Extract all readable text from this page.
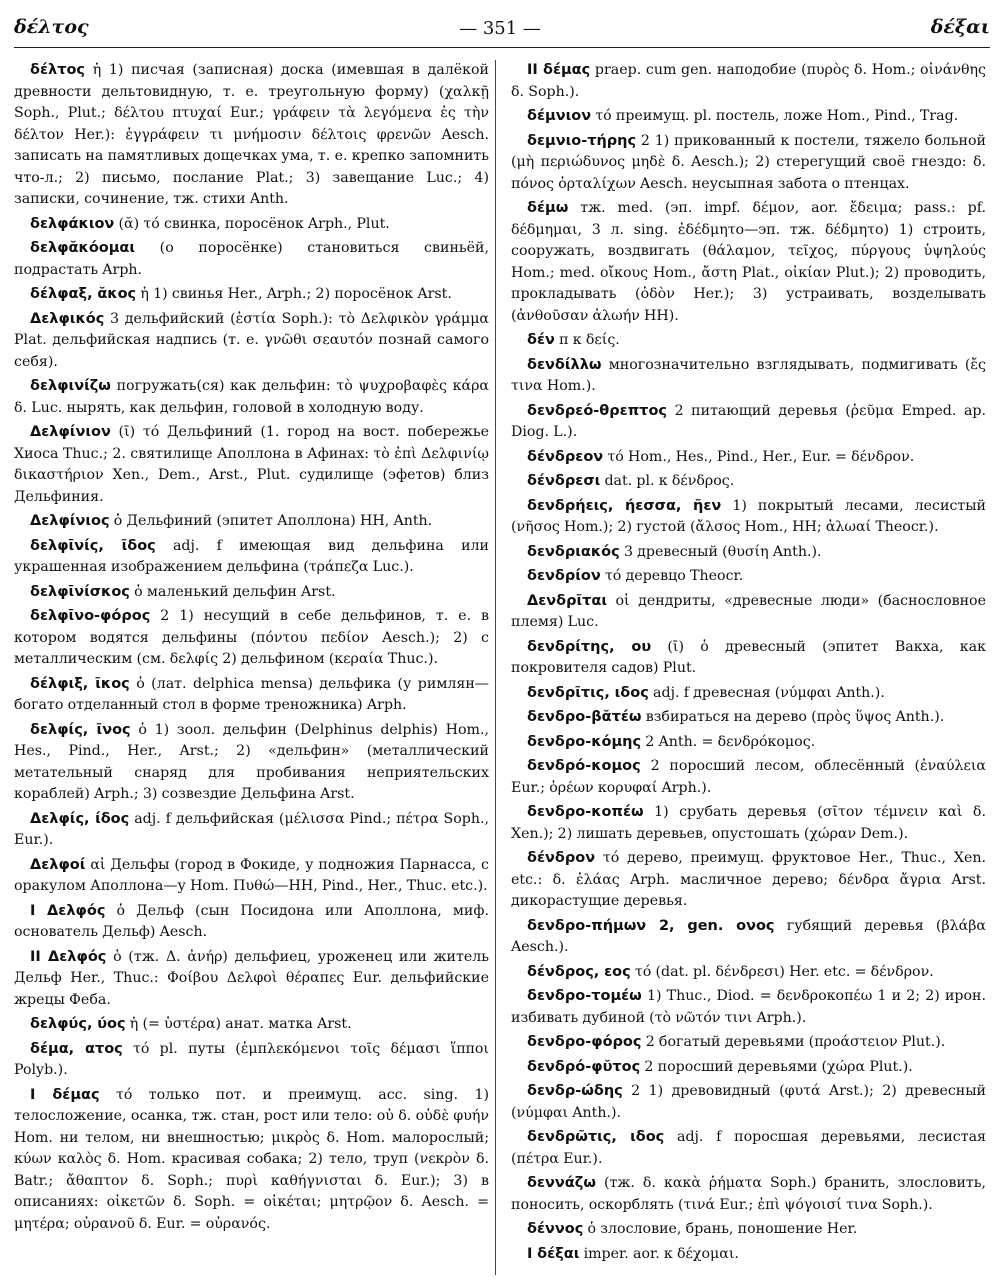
δέλτος	— 351 —	δέξαι

δέλτος ἡ 1) писчая (записная) доска (имевшая в далёкой древности дельтовидную, т. е. треугольную форму) (χαλκῇ Soph., Plut.; δέλτου πτυχαί Eur.; γράφειν τὰ λεγόμενα ἐς τὴν δέλτον Her.): ἐγγράφειν τι μνήμοσιν δέλτοις φρενῶν Aesch. записать на памятливых дощечках ума, т. е. крепко запомнить что-л.; 2) письмо, послание Plat.; 3) завещание Luc.; 4) записки, сочинение, тж. стихи Anth.

δελφάκιον (ᾰ) τό свинка, поросёнок Arph., Plut.

δελφᾰκόομαι (о поросёнке) становиться свиньёй, подрастать Arph.

δέλφαξ, ᾰκος ἡ 1) свинья Her., Arph.; 2) поросёнок Arst.

Δελφικός 3 дельфийский (ἑστία Soph.): τὸ Δελφικὸν γράμμα Plat. дельфийская надпись (т. е. γνῶθι σεαυτόν познай самого себя).

δελφινίζω погружать(ся) как дельфин: τὸ ψυχροβαφὲς κάρα δ. Luc. нырять, как дельфин, головой в холодную воду.

Δελφίνιον (ῑ) τό Дельфиний (1. город на вост. побережье Хиоса Thuc.; 2. святилище Аполлона в Афинах: τὸ ἐπὶ Δελφινίῳ δικαστήριον Xen., Dem., Arst., Plut. судилище (эфетов) близ Дельфиния.

Δελφίνιος ὁ Дельфиний (эпитет Аполлона) HH, Anth.

δελφῑνίς, ῖδος adj. f имеющая вид дельфина или украшенная изображением дельфина (τράπεζα Luc.).

δελφῑνίσκος ὁ маленький дельфин Arst.

δελφῑνο-φόρος 2 1) несущий в себе дельфинов, т. е. в котором водятся дельфины (πόντου πεδίον Aesch.); 2) с металлическим (см. δελφίς 2) дельфином (κεραία Thuc.).

δέλφιξ, ῖκος ὁ (лат. delphica mensa) дельфика (у римлян—богато отделанный стол в форме треножника) Arph.

δελφίς, ῖνος ὁ 1) зоол. дельфин (Delphinus delphis) Hom., Hes., Pind., Her., Arst.; 2) «дельфин» (металлический метательный снаряд для пробивания неприятельских кораблей) Arph.; 3) созвездие Дельфина Arst.

Δελφίς, ίδος adj. f дельфийская (μέλισσα Pind.; πέτρα Soph., Eur.).

Δελφοί αἱ Дельфы (город в Фокиде, у подножия Парнасса, с оракулом Аполлона—у Hom. Πυθώ—HH, Pind., Her., Thuc. etc.).

I Δελφός ὁ Дельф (сын Посидона или Аполлона, миф. основатель Дельф) Aesch.

II Δελφός ὁ (тж. Δ. ἀνήρ) дельфиец, уроженец или житель Дельф Her., Thuc.: Φοίβου Δελφοὶ θέραπες Eur. дельфийские жрецы Феба.

δελφύς, ύος ἡ (= ὑστέρα) анат. матка Arst.

δέμα, ατος τό pl. путы (ἐμπλεκόμενοι τοῖς δέμασι ἵπποι Polyb.).

I δέμας τό только пот. и преимущ. acc. sing. 1) телосложение, осанка, тж. стан, рост или тело: οὐ δ. οὐδὲ φυήν Hom. ни телом, ни внешностью; μικρὸς δ. Hom. малорослый; κύων καλὸς δ. Hom. красивая собака; 2) тело, труп (νεκρὸν δ. Batr.; ἄθαπτον δ. Soph.; πυρὶ καθήγνισται δ. Eur.); 3) в описаниях: οἰκετῶν δ. Soph. = οἰκέται; μητρῷον δ. Aesch. = μητέρα; οὐρανοῦ δ. Eur. = οὐρανός.

II δέμας praep. cum gen. наподобие (πυρὸς δ. Hom.; οἰνάνθης δ. Soph.).

δέμνιον τό преимущ. pl. постель, ложе Hom., Pind., Trag.

δεμνιο-τήρης 2 1) прикованный к постели, тяжело больной (μὴ περιώδυνος μηδὲ δ. Aesch.); 2) стерегущий своё гнездо: δ. πόνος ὀρταλίχων Aesch. неусыпная забота о птенцах.

δέμω тж. med. (эп. impf. δέμον, aor. ἔδειμα; pass.: pf. δέδμημαι, 3 л. sing. ἐδέδμητο—эп. тж. δέδμητο) 1) строить, сооружать, воздвигать (θάλαμον, τεῖχος, πύργους ὑψηλούς Hom.; med. οἴκους Hom., ἄστη Plat., οἰκίαν Plut.); 2) проводить, прокладывать (ὁδὸν Her.); 3) устраивать, возделывать (ἀνθοῦσαν ἀλωήν HH).

δέν п к δείς.

δενδίλλω многозначительно взглядывать, подмигивать (ἔς τινα Hom.).

δενδρεό-θρεπτος 2 питающий деревья (ῥεῦμα Emped. ap. Diog. L.).

δένδρεον τό Hom., Hes., Pind., Her., Eur. = δένδρον.

δένδρεσι dat. pl. к δένδρος.

δενδρήεις, ήεσσα, ῆεν 1) покрытый лесами, лесистый (νῆσος Hom.); 2) густой (ἄλσος Hom., HH; ἀλωαί Theocr.).

δενδριακός 3 древесный (θυσίη Anth.).

δενδρίον τό деревцо Theocr.

Δενδρῖται οἱ дендриты, «древесные люди» (баснословное племя) Luc.

δενδρίτης, ου (ῑ) ὁ древесный (эпитет Вакха, как покровителя садов) Plut.

δενδρῖτις, ιδος adj. f древесная (νύμφαι Anth.).

δενδρο-βᾰτέω взбираться на дерево (πρὸς ὕψος Anth.).

δενδρο-κόμης 2 Anth. = δενδρόκομος.

δενδρό-κομος 2 поросший лесом, облесённый (ἐναύλεια Eur.; ὀρέων κορυφαί Arph.).

δενδρο-κοπέω 1) срубать деревья (σῖτον τέμνειν καὶ δ. Xen.); 2) лишать деревьев, опустошать (χώραν Dem.).

δένδρον τό дерево, преимущ. фруктовое Her., Thuc., Xen. etc.: δ. ἐλάας Arph. масличное дерево; δένδρα ἄγρια Arst. дикорастущие деревья.

δενδρο-πήμων 2, gen. ονος губящий деревья (βλάβα Aesch.).

δένδρος, εος τό (dat. pl. δένδρεσι) Her. etc. = δένδρον.

δενδρο-τομέω 1) Thuc., Diod. = δενδροκοπέω 1 и 2; 2) ирон. избивать дубиной (τὸ νῶτόν τινι Arph.).

δενδρο-φόρος 2 богатый деревьями (προάστειον Plut.).

δενδρό-φῠτος 2 поросший деревьями (χώρα Plut.).

δενδρ-ώδης 2 1) древовидный (φυτά Arst.); 2) древесный (νύμφαι Anth.).

δενδρῶτις, ιδος adj. f поросшая деревьями, лесистая (πέτρα Eur.).

δεννάζω (тж. δ. κακὰ ῥήματα Soph.) бранить, злословить, поносить, оскорблять (τινά Eur.; ἐπὶ ψόγοισί τινα Soph.).

δέννος ὁ злословие, брань, поношение Her.

I δέξαι imper. aor. к δέχομαι.
